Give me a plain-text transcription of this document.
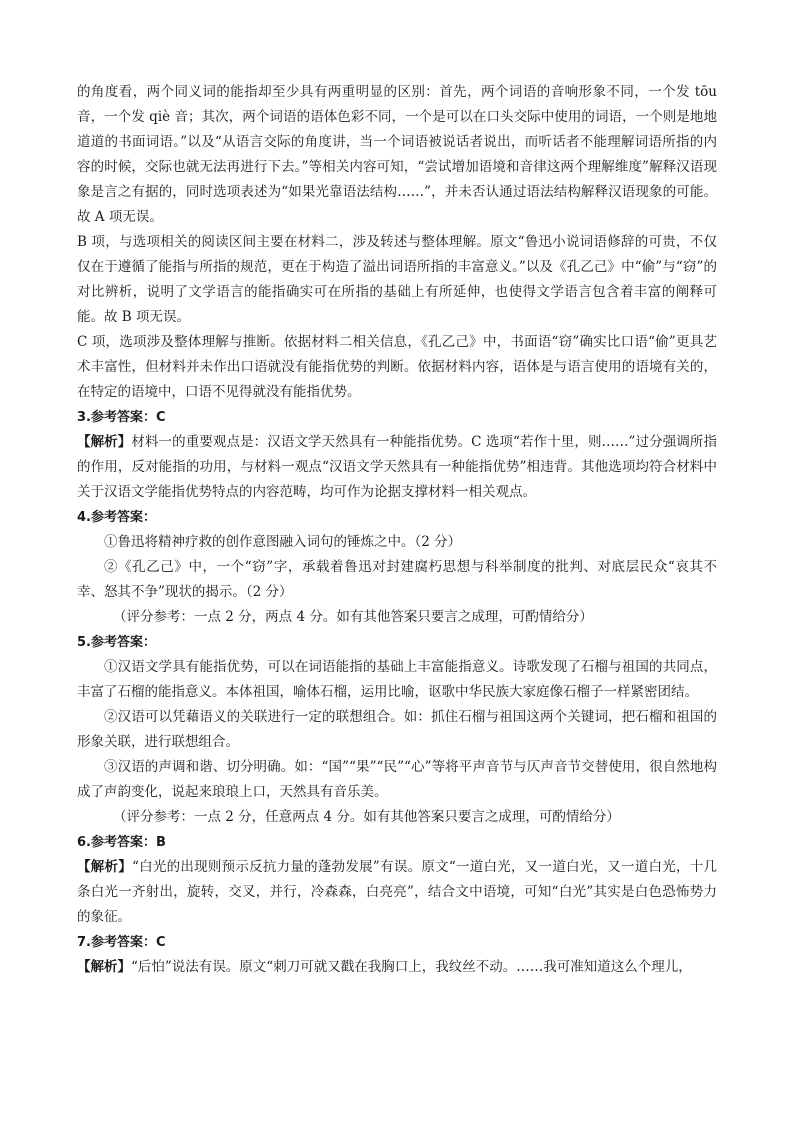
的角度看，两个同义词的能指却至少具有两重明显的区别：首先，两个词语的音响形象不同，一个发 tōu 音，一个发 qiè 音；其次，两个词语的语体色彩不同，一个是可以在口头交际中使用的词语，一个则是地地道道的书面词语。”以及“从语言交际的角度讲，当一个词语被说话者说出，而听话者不能理解词语所指的内容的时候，交际也就无法再进行下去。”等相关内容可知，“尝试增加语境和音律这两个理解维度”解释汉语现象是言之有据的，同时选项表述为“如果光靠语法结构……”，并未否认通过语法结构解释汉语现象的可能。故 A 项无误。

B 项，与选项相关的阅读区间主要在材料二，涉及转述与整体理解。原文“鲁迅小说词语修辞的可贵，不仅仅在于遵循了能指与所指的规范，更在于构造了溢出词语所指的丰富意义。”以及《孔乙己》中“偷”与“窃”的对比辨析，说明了文学语言的能指确实可在所指的基础上有所延伸，也使得文学语言包含着丰富的阐释可能。故 B 项无误。

C 项，选项涉及整体理解与推断。依据材料二相关信息，《孔乙己》中，书面语“窃”确实比口语“偷”更具艺术丰富性，但材料并未作出口语就没有能指优势的判断。依据材料内容，语体是与语言使用的语境有关的，在特定的语境中，口语不见得就没有能指优势。

3.参考答案：C

【解析】材料一的重要观点是：汉语文学天然具有一种能指优势。C 选项“若作十里，则……”过分强调所指的作用，反对能指的功用，与材料一观点“汉语文学天然具有一种能指优势”相违背。其他选项均符合材料中关于汉语文学能指优势特点的内容范畴，均可作为论据支撑材料一相关观点。

4.参考答案：

①鲁迅将精神疗救的创作意图融入词句的锤炼之中。（2 分）

②《孔乙己》中，一个“窃”字，承载着鲁迅对封建腐朽思想与科举制度的批判、对底层民众“哀其不幸、怒其不争”现状的揭示。（2 分）

（评分参考：一点 2 分，两点 4 分。如有其他答案只要言之成理，可酌情给分）

5.参考答案：

①汉语文学具有能指优势，可以在词语能指的基础上丰富能指意义。诗歌发现了石榴与祖国的共同点，丰富了石榴的能指意义。本体祖国，喻体石榴，运用比喻，讴歌中华民族大家庭像石榴子一样紧密团结。

②汉语可以凭藉语义的关联进行一定的联想组合。如：抓住石榴与祖国这两个关键词，把石榴和祖国的形象关联，进行联想组合。

③汉语的声调和谐、切分明确。如：“国”“果”“民”“心”等将平声音节与仄声音节交替使用，很自然地构成了声韵变化，说起来琅琅上口，天然具有音乐美。

（评分参考：一点 2 分，任意两点 4 分。如有其他答案只要言之成理，可酌情给分）

6.参考答案：B

【解析】“白光的出现则预示反抗力量的蓬勃发展”有误。原文“一道白光，又一道白光，又一道白光，十几条白光一齐射出，旋转，交叉，并行，冷森森，白亮亮”，结合文中语境，可知“白光”其实是白色恐怖势力的象征。

7.参考答案：C

【解析】“后怕”说法有误。原文“刺刀可就又戳在我胸口上，我纹丝不动。……我可准知道这么个理儿，
